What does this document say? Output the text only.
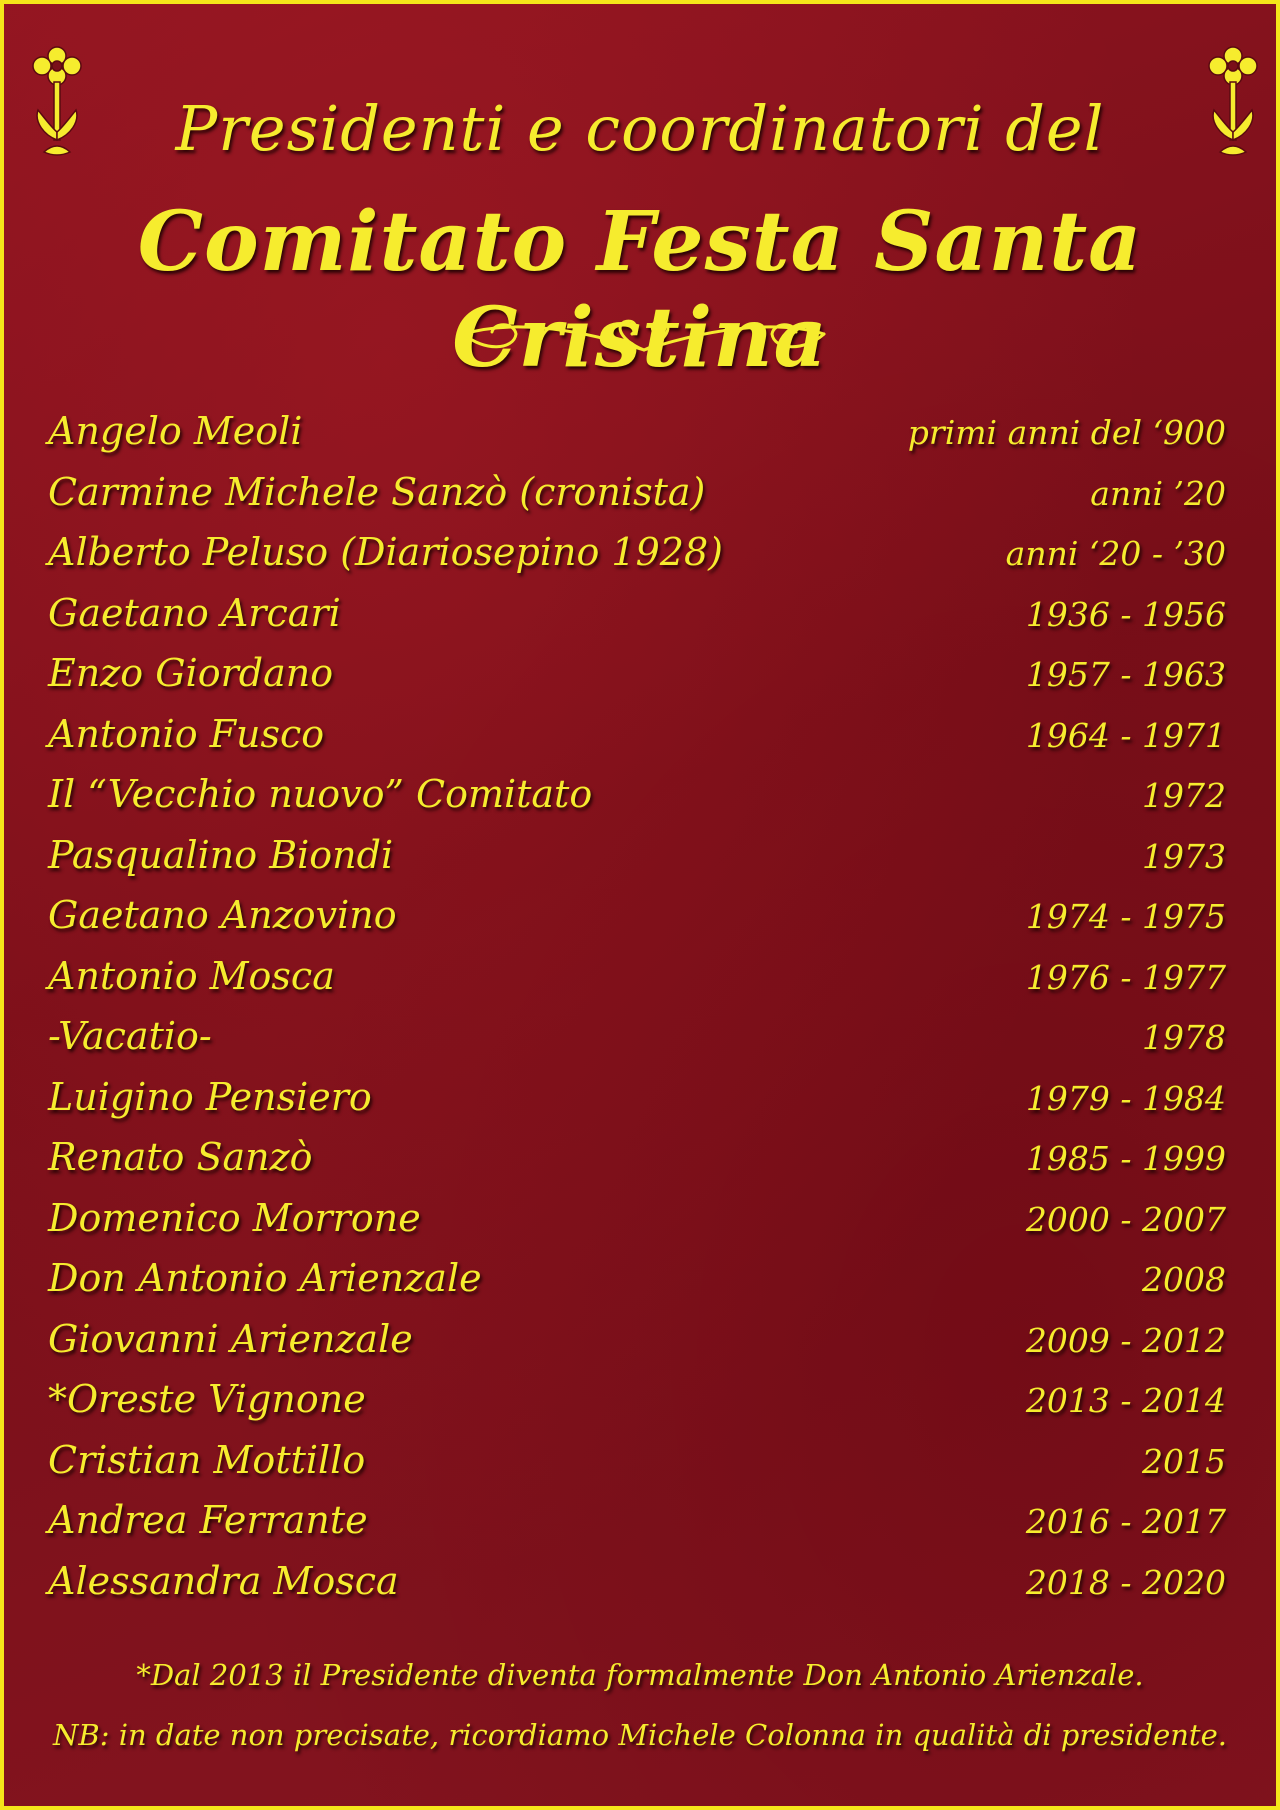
Presidenti e coordinatori del
Comitato Festa Santa Cristina
Angelo Meoli	primi anni del ‘900
Carmine Michele Sanzò (cronista)	anni ’20
Alberto Peluso (Diariosepino 1928)	anni ‘20 - ’30
Gaetano Arcari	1936 - 1956
Enzo Giordano	1957 - 1963
Antonio Fusco	1964 - 1971
Il “Vecchio nuovo” Comitato	1972
Pasqualino Biondi	1973
Gaetano Anzovino	1974 - 1975
Antonio Mosca	1976 - 1977
-Vacatio-	1978
Luigino Pensiero	1979 - 1984
Renato Sanzò	1985 - 1999
Domenico Morrone	2000 - 2007
Don Antonio Arienzale	2008
Giovanni Arienzale	2009 - 2012
*Oreste Vignone	2013 - 2014
Cristian Mottillo	2015
Andrea Ferrante	2016 - 2017
Alessandra Mosca	2018 - 2020
*Dal 2013 il Presidente diventa formalmente Don Antonio Arienzale.
NB: in date non precisate, ricordiamo Michele Colonna in qualità di presidente.
